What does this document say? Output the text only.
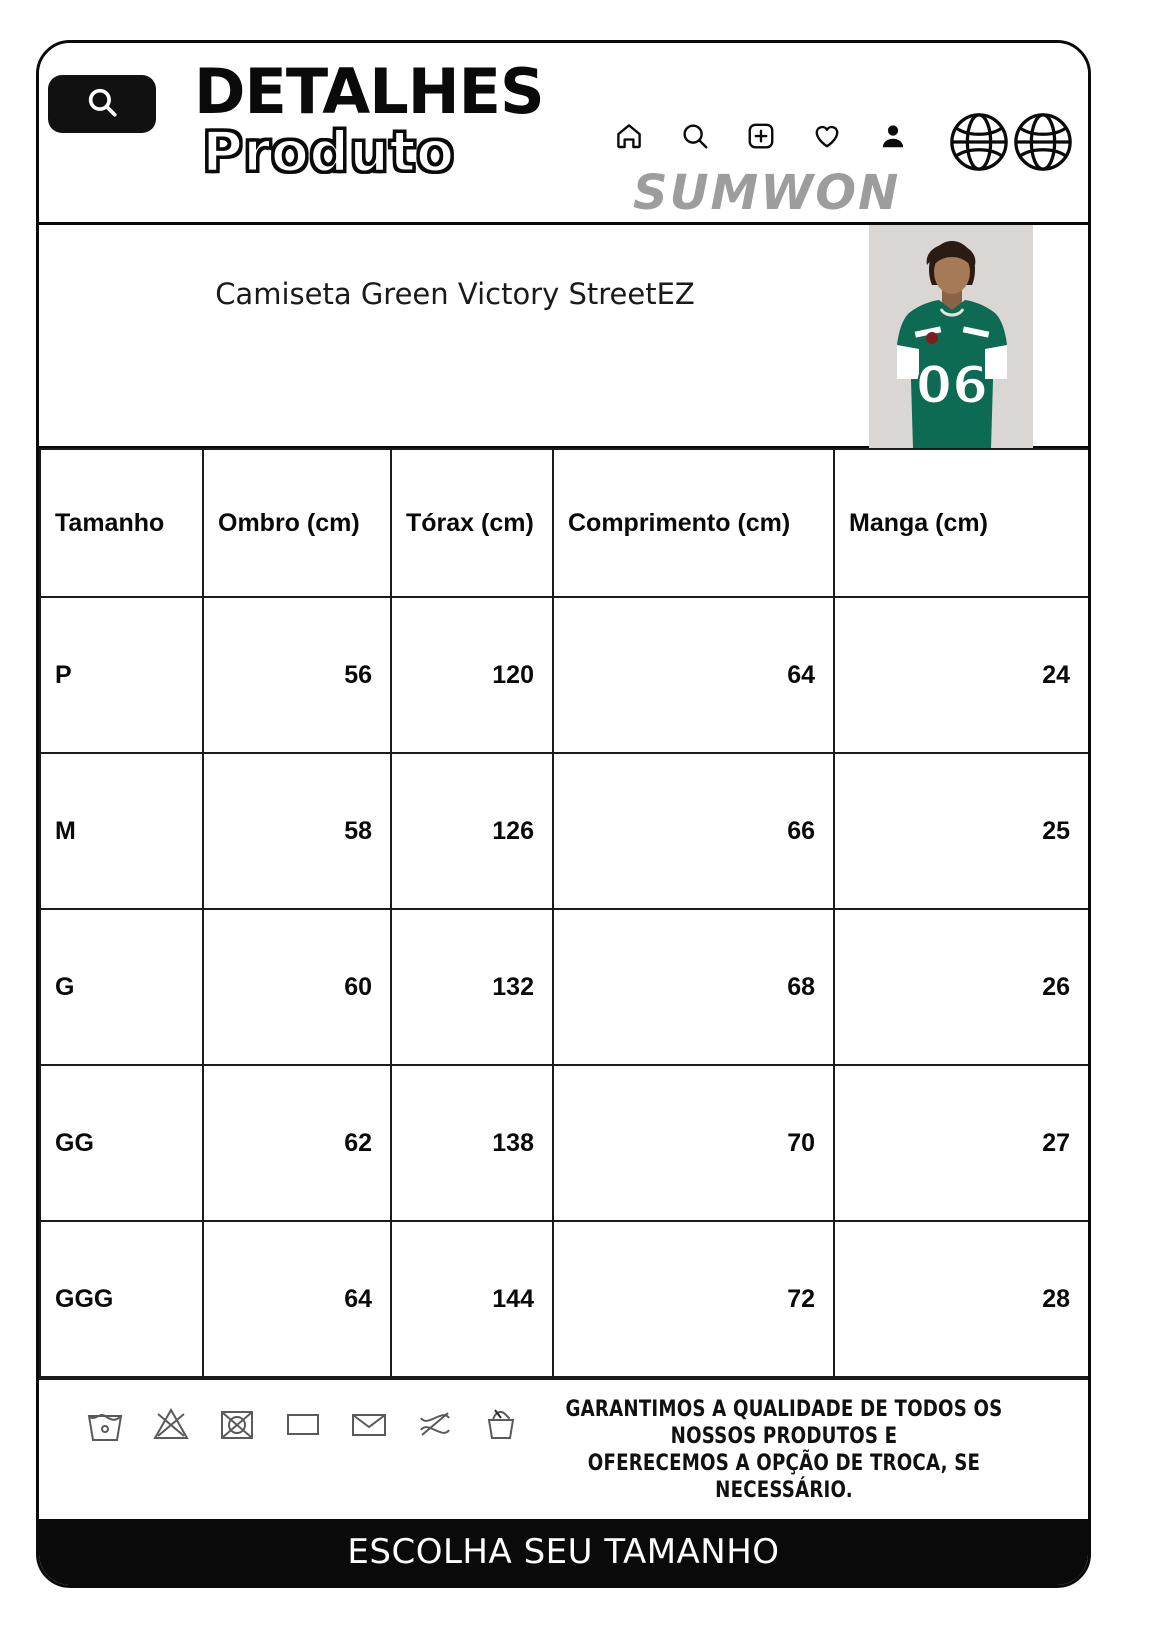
DETALHES
Produto
SUMWON
Camiseta Green Victory StreetEZ
06
Tamanho	Ombro (cm)	Tórax (cm)	Comprimento (cm)	Manga (cm)
P	56	120	64	24
M	58	126	66	25
G	60	132	68	26
GG	62	138	70	27
GGG	64	144	72	28
GARANTIMOS A QUALIDADE DE TODOS OS NOSSOS PRODUTOS E
OFERECEMOS A OPÇÃO DE TROCA, SE NECESSÁRIO.
ESCOLHA SEU TAMANHO
